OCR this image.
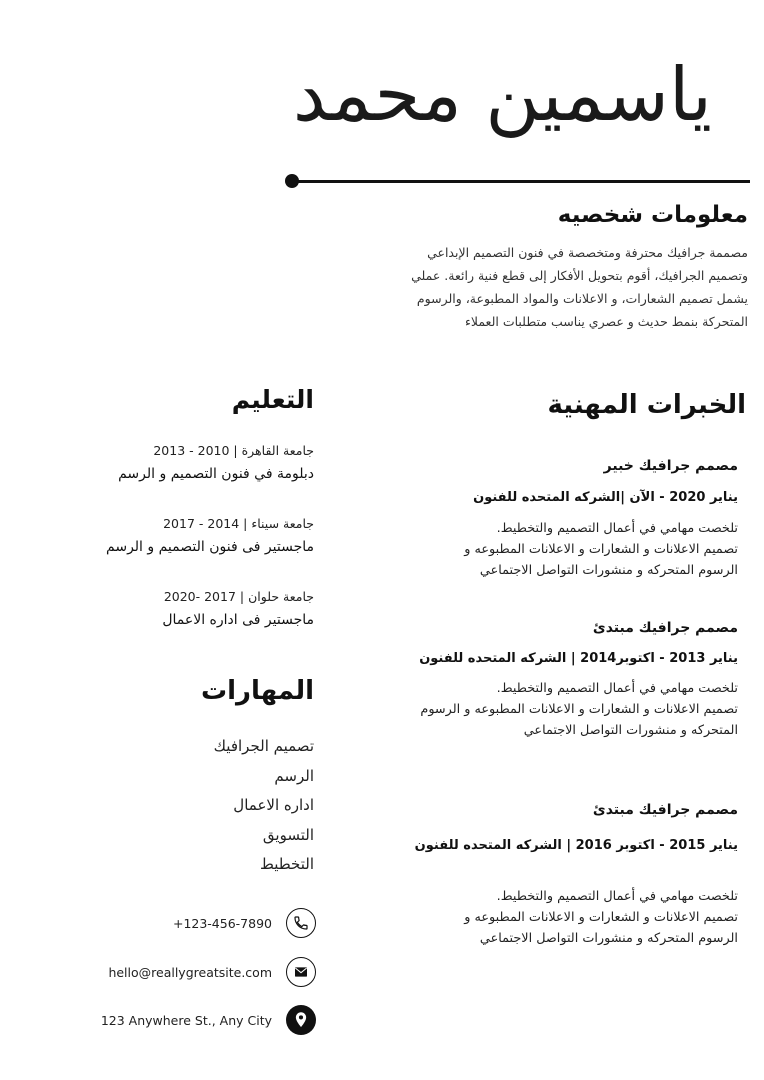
ياسمين محمد
معلومات شخصيه
مصممة جرافيك محترفة ومتخصصة في فنون التصميم الإبداعي
وتصميم الجرافيك، أقوم بتحويل الأفكار إلى قطع فنية رائعة. عملي
يشمل تصميم الشعارات، و الاعلانات والمواد المطبوعة، والرسوم
المتحركة بنمط حديث و عصري يناسب متطلبات العملاء
الخبرات المهنية
مصمم جرافيك خبير
يناير 2020 - الآن |الشركه المتحده للفنون
تلخصت مهامي في أعمال التصميم والتخطيط.
تصميم الاعلانات و الشعارات و الاعلانات المطبوعه و
الرسوم المتحركه و منشورات التواصل الاجتماعي
مصمم جرافيك مبتدئ
يناير 2013 - اكتوبر2014 | الشركه المتحده للفنون
تلخصت مهامي في أعمال التصميم والتخطيط.
تصميم الاعلانات و الشعارات و الاعلانات المطبوعه و الرسوم
المتحركه و منشورات التواصل الاجتماعي
مصمم جرافيك مبتدئ
يناير 2015 - اكتوبر 2016 | الشركه المتحده للفنون
تلخصت مهامي في أعمال التصميم والتخطيط.
تصميم الاعلانات و الشعارات و الاعلانات المطبوعه و
الرسوم المتحركه و منشورات التواصل الاجتماعي
التعليم
جامعة القاهرة | 2010 - 2013
دبلومة في فنون التصميم و الرسم
جامعة سيناء | 2014 - 2017
ماجستير فى فنون التصميم و الرسم
جامعة حلوان | 2017 -2020
ماجستير فى اداره الاعمال
المهارات
تصميم الجرافيك
الرسم
اداره الاعمال
التسويق
التخطيط
+123-456-7890
hello@reallygreatsite.com
123 Anywhere St., Any City
